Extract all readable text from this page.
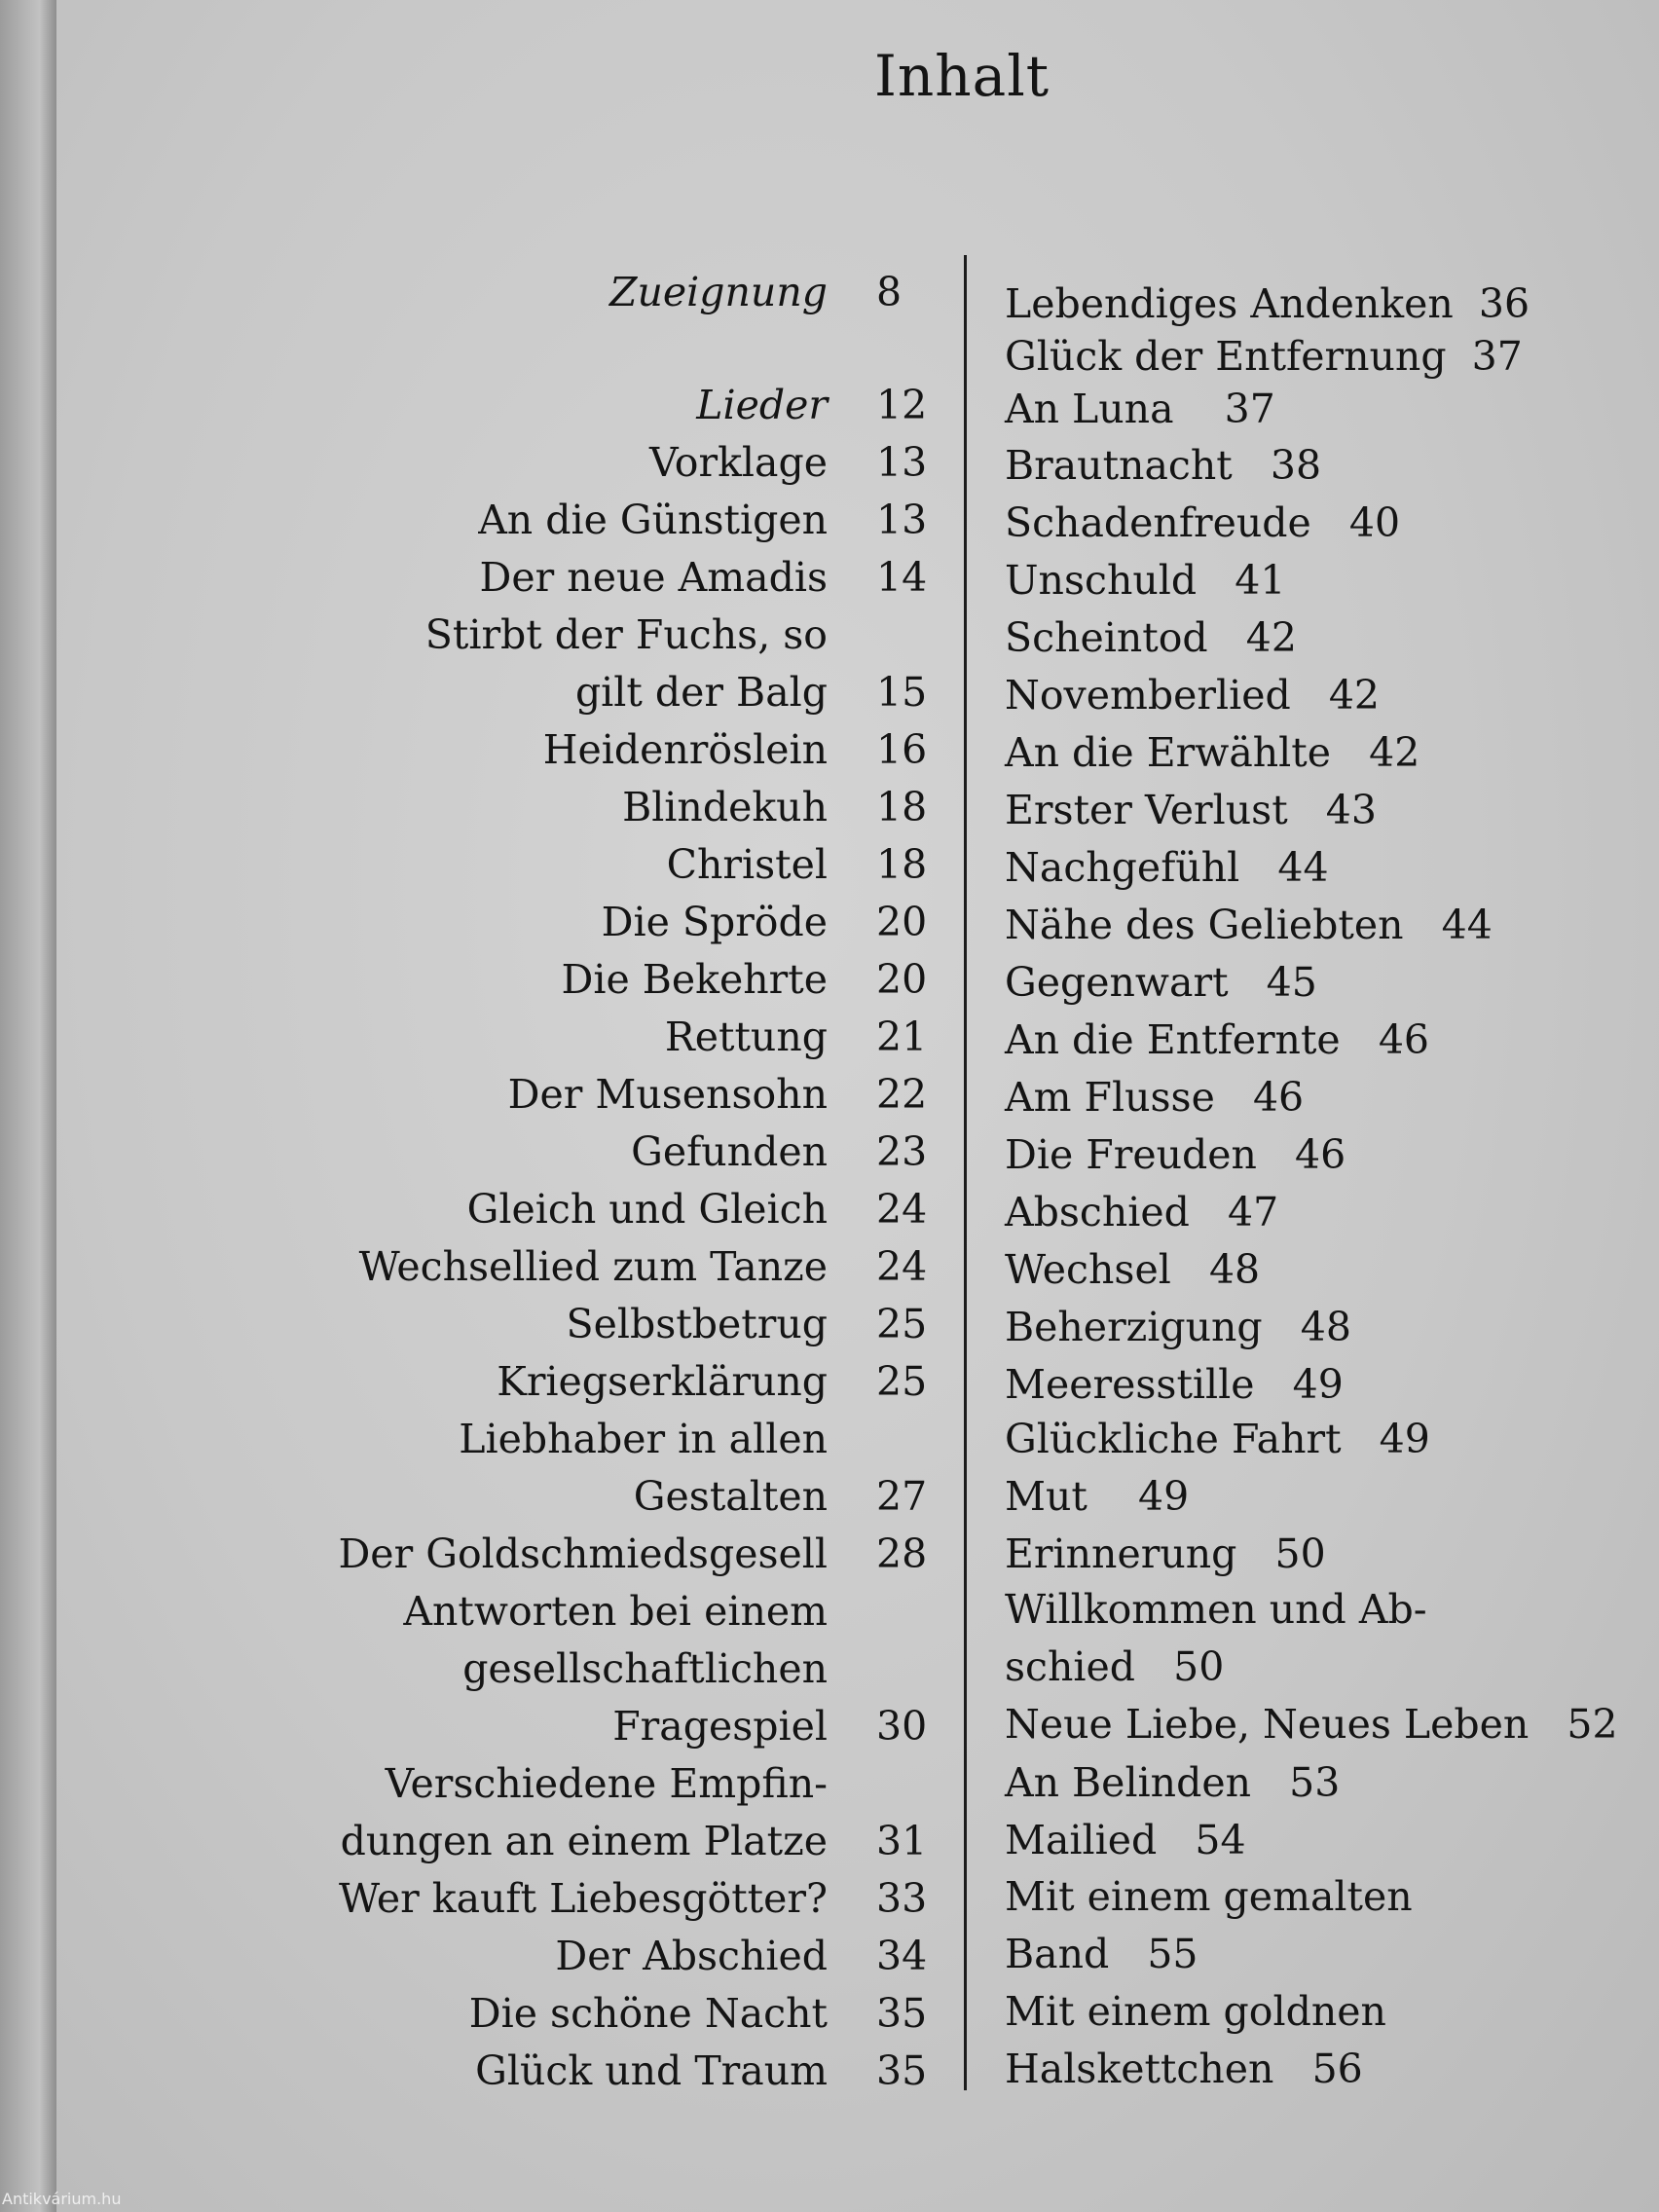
Inhalt
Zueignung 8
Lieder 12
Vorklage 13
An die Günstigen 13
Der neue Amadis 14
Stirbt der Fuchs, so
gilt der Balg 15
Heidenröslein 16
Blindekuh 18
Christel 18
Die Spröde 20
Die Bekehrte 20
Rettung 21
Der Musensohn 22
Gefunden 23
Gleich und Gleich 24
Wechsellied zum Tanze 24
Selbstbetrug 25
Kriegserklärung 25
Liebhaber in allen
Gestalten 27
Der Goldschmiedsgesell 28
Antworten bei einem
gesellschaftlichen
Fragespiel 30
Verschiedene Empfin-
dungen an einem Platze 31
Wer kauft Liebesgötter? 33
Der Abschied 34
Die schöne Nacht 35
Glück und Traum 35
Lebendiges Andenken 36
Glück der Entfernung 37
An Luna 37
Brautnacht 38
Schadenfreude 40
Unschuld 41
Scheintod 42
Novemberlied 42
An die Erwählte 42
Erster Verlust 43
Nachgefühl 44
Nähe des Geliebten 44
Gegenwart 45
An die Entfernte 46
Am Flusse 46
Die Freuden 46
Abschied 47
Wechsel 48
Beherzigung 48
Meeresstille 49
Glückliche Fahrt 49
Mut 49
Erinnerung 50
Willkommen und Ab-
schied 50
Neue Liebe, Neues Leben 52
An Belinden 53
Mailied 54
Mit einem gemalten
Band 55
Mit einem goldnen
Halskettchen 56
Antikvárium.hu
